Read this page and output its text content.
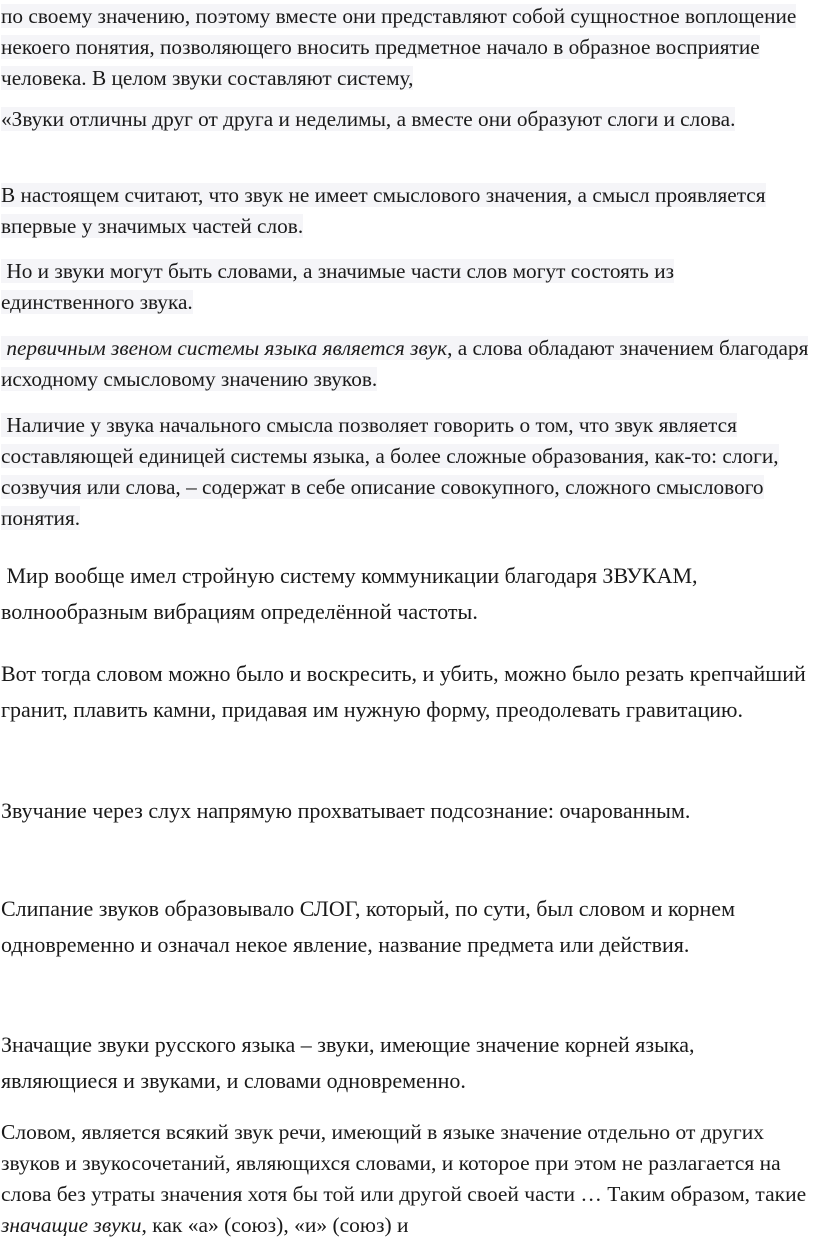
по своему значению, поэтому вместе они представляют собой сущностное воплощение некоего понятия, позволяющего вносить предметное начало в образное восприятие человека. В целом звуки составляют систему,

«Звуки отличны друг от друга и неделимы, а вместе они образуют слоги и слова.

В настоящем считают, что звук не имеет смыслового значения, а смысл проявляется впервые у значимых частей слов.

Но и звуки могут быть словами, а значимые части слов могут состоять из единственного звука.

первичным звеном системы языка является звук, а слова обладают значением благодаря исходному смысловому значению звуков.

Наличие у звука начального смысла позволяет говорить о том, что звук является составляющей единицей системы языка, а более сложные образования, как-то: слоги, созвучия или слова, – содержат в себе описание совокупного, сложного смыслового понятия.

Мир вообще имел стройную систему коммуникации благодаря ЗВУКАМ, волнообразным вибрациям определённой частоты.

Вот тогда словом можно было и воскресить, и убить, можно было резать крепчайший гранит, плавить камни, придавая им нужную форму, преодолевать гравитацию.

Звучание через слух напрямую прохватывает подсознание: очарованным.

Слипание звуков образовывало СЛОГ, который, по сути, был словом и корнем одновременно и означал некое явление, название предмета или действия.

Значащие звуки русского языка – звуки, имеющие значение корней языка, являющиеся и звуками, и словами одновременно.

Словом, является всякий звук речи, имеющий в языке значение отдельно от других звуков и звукосочетаний, являющихся словами, и которое при этом не разлагается на слова без утраты значения хотя бы той или другой своей части … Таким образом, такие значащие звуки, как «а» (союз), «и» (союз) и
